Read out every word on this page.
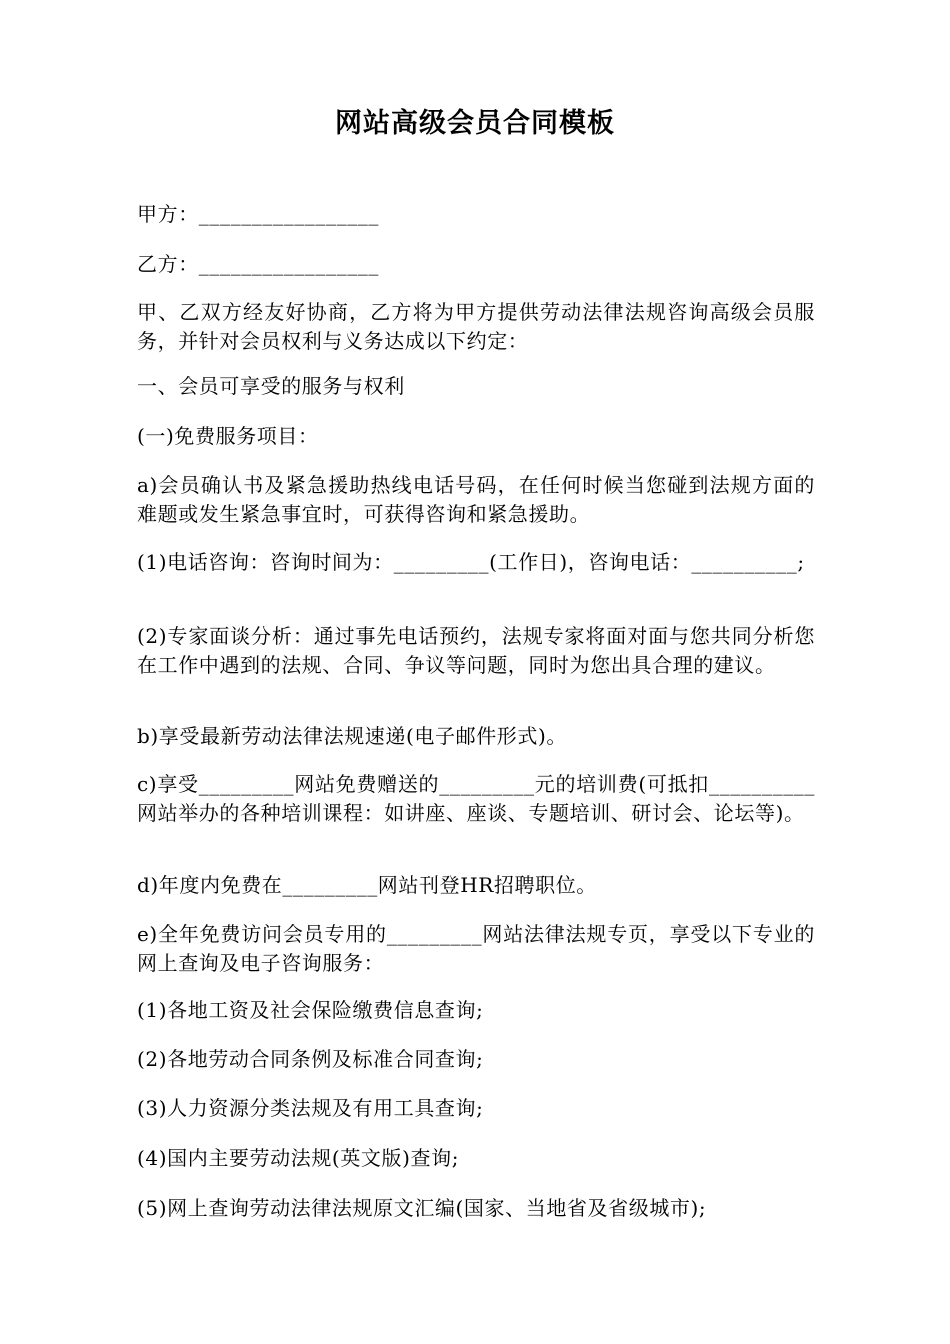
网站高级会员合同模板
甲方：_________________
乙方：_________________
甲、乙双方经友好协商，乙方将为甲方提供劳动法律法规咨询高级会员服务，并针对会员权利与义务达成以下约定：
一、会员可享受的服务与权利
(一)免费服务项目：
a)会员确认书及紧急援助热线电话号码，在任何时候当您碰到法规方面的难题或发生紧急事宜时，可获得咨询和紧急援助。
(1)电话咨询：咨询时间为：_________(工作日)，咨询电话：__________;
(2)专家面谈分析：通过事先电话预约，法规专家将面对面与您共同分析您在工作中遇到的法规、合同、争议等问题，同时为您出具合理的建议。
b)享受最新劳动法律法规速递(电子邮件形式)。
c)享受_________网站免费赠送的_________元的培训费(可抵扣__________网站举办的各种培训课程：如讲座、座谈、专题培训、研讨会、论坛等)。
d)年度内免费在_________网站刊登HR招聘职位。
e)全年免费访问会员专用的_________网站法律法规专页，享受以下专业的网上查询及电子咨询服务：
(1)各地工资及社会保险缴费信息查询;
(2)各地劳动合同条例及标准合同查询;
(3)人力资源分类法规及有用工具查询;
(4)国内主要劳动法规(英文版)查询;
(5)网上查询劳动法律法规原文汇编(国家、当地省及省级城市);
